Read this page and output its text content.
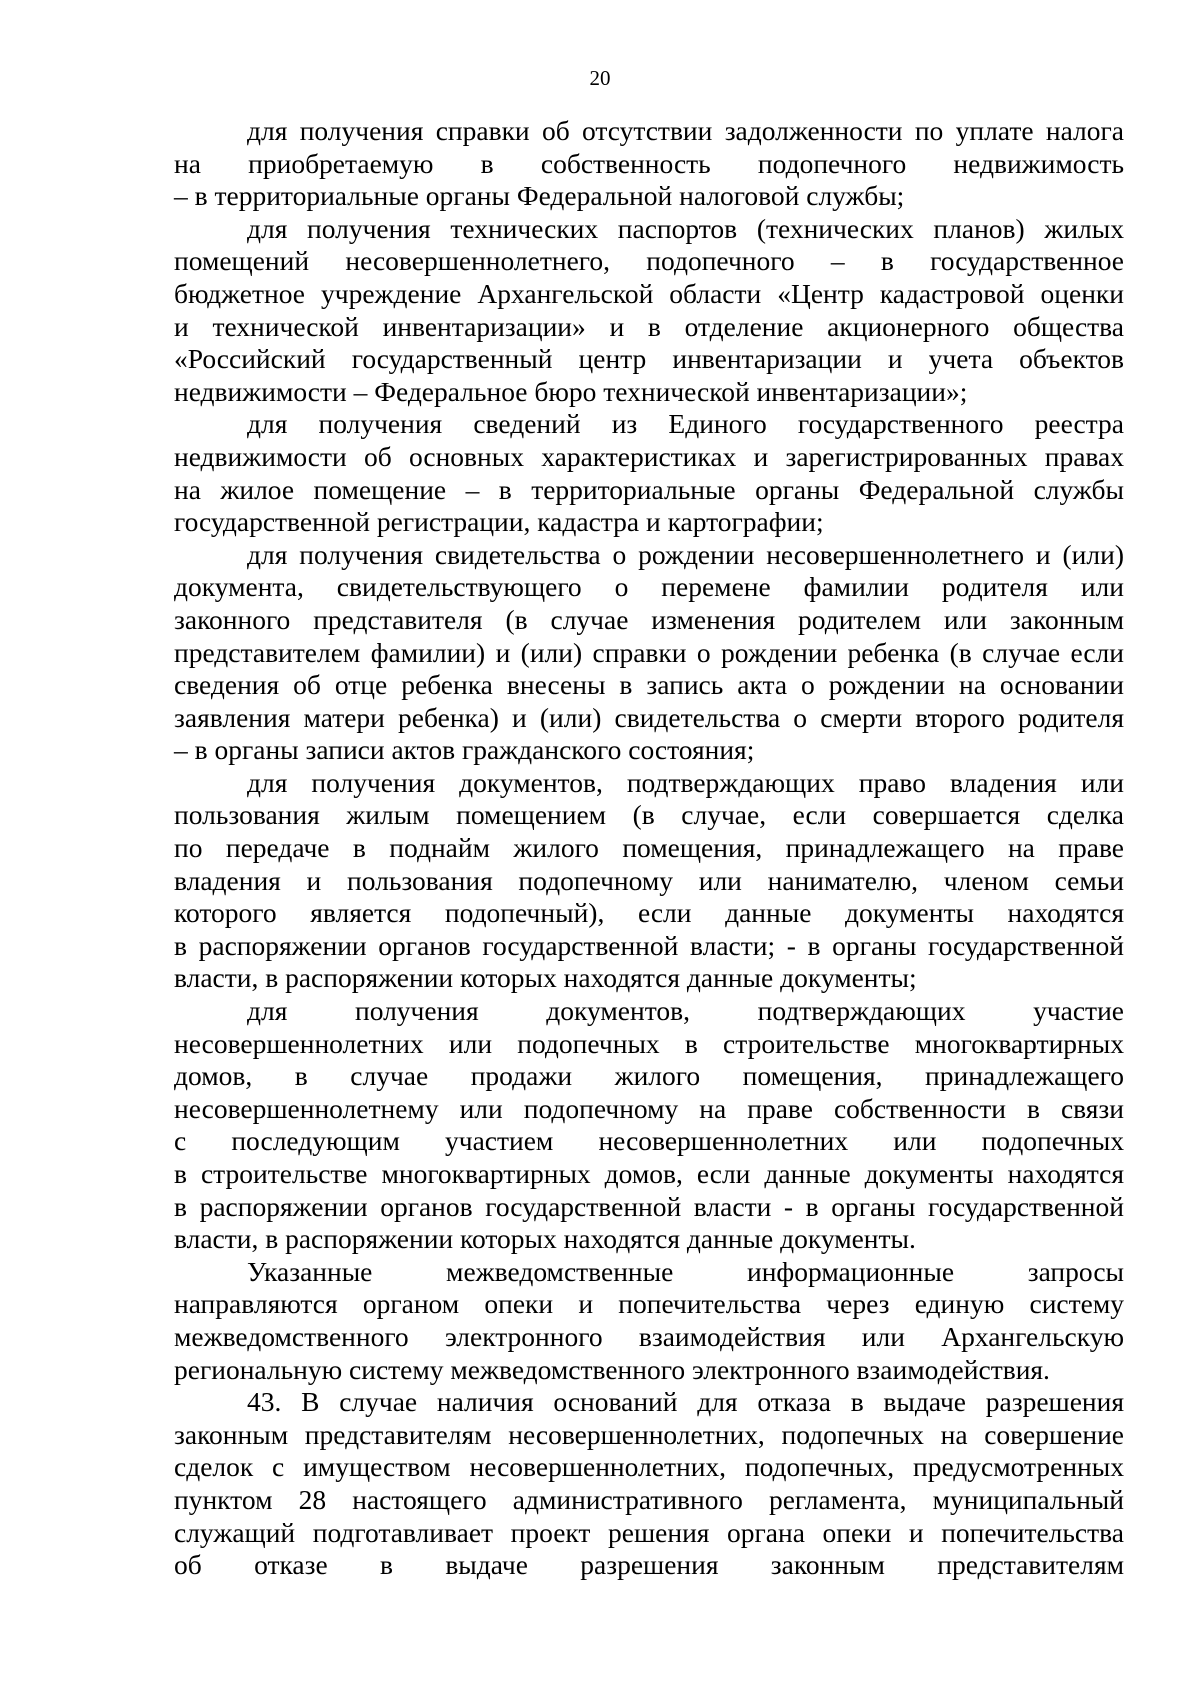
20
для получения справки об отсутствии задолженности по уплате налога
на приобретаемую в собственность подопечного недвижимость
– в территориальные органы Федеральной налоговой службы;
для получения технических паспортов (технических планов) жилых
помещений несовершеннолетнего, подопечного – в государственное
бюджетное учреждение Архангельской области «Центр кадастровой оценки
и технической инвентаризации» и в отделение акционерного общества
«Российский государственный центр инвентаризации и учета объектов
недвижимости – Федеральное бюро технической инвентаризации»;
для получения сведений из Единого государственного реестра
недвижимости об основных характеристиках и зарегистрированных правах
на жилое помещение – в территориальные органы Федеральной службы
государственной регистрации, кадастра и картографии;
для получения свидетельства о рождении несовершеннолетнего и (или)
документа, свидетельствующего о перемене фамилии родителя или
законного представителя (в случае изменения родителем или законным
представителем фамилии) и (или) справки о рождении ребенка (в случае если
сведения об отце ребенка внесены в запись акта о рождении на основании
заявления матери ребенка) и (или) свидетельства о смерти второго родителя
– в органы записи актов гражданского состояния;
для получения документов, подтверждающих право владения или
пользования жилым помещением (в случае, если совершается сделка
по передаче в поднайм жилого помещения, принадлежащего на праве
владения и пользования подопечному или нанимателю, членом семьи
которого является подопечный), если данные документы находятся
в распоряжении органов государственной власти; - в органы государственной
власти, в распоряжении которых находятся данные документы;
для получения документов, подтверждающих участие
несовершеннолетних или подопечных в строительстве многоквартирных
домов, в случае продажи жилого помещения, принадлежащего
несовершеннолетнему или подопечному на праве собственности в связи
с последующим участием несовершеннолетних или подопечных
в строительстве многоквартирных домов, если данные документы находятся
в распоряжении органов государственной власти - в органы государственной
власти, в распоряжении которых находятся данные документы.
Указанные межведомственные информационные запросы
направляются органом опеки и попечительства через единую систему
межведомственного электронного взаимодействия или Архангельскую
региональную систему межведомственного электронного взаимодействия.
43. В случае наличия оснований для отказа в выдаче разрешения
законным представителям несовершеннолетних, подопечных на совершение
сделок с имуществом несовершеннолетних, подопечных, предусмотренных
пунктом 28 настоящего административного регламента, муниципальный
служащий подготавливает проект решения органа опеки и попечительства
об отказе в выдаче разрешения законным представителям
